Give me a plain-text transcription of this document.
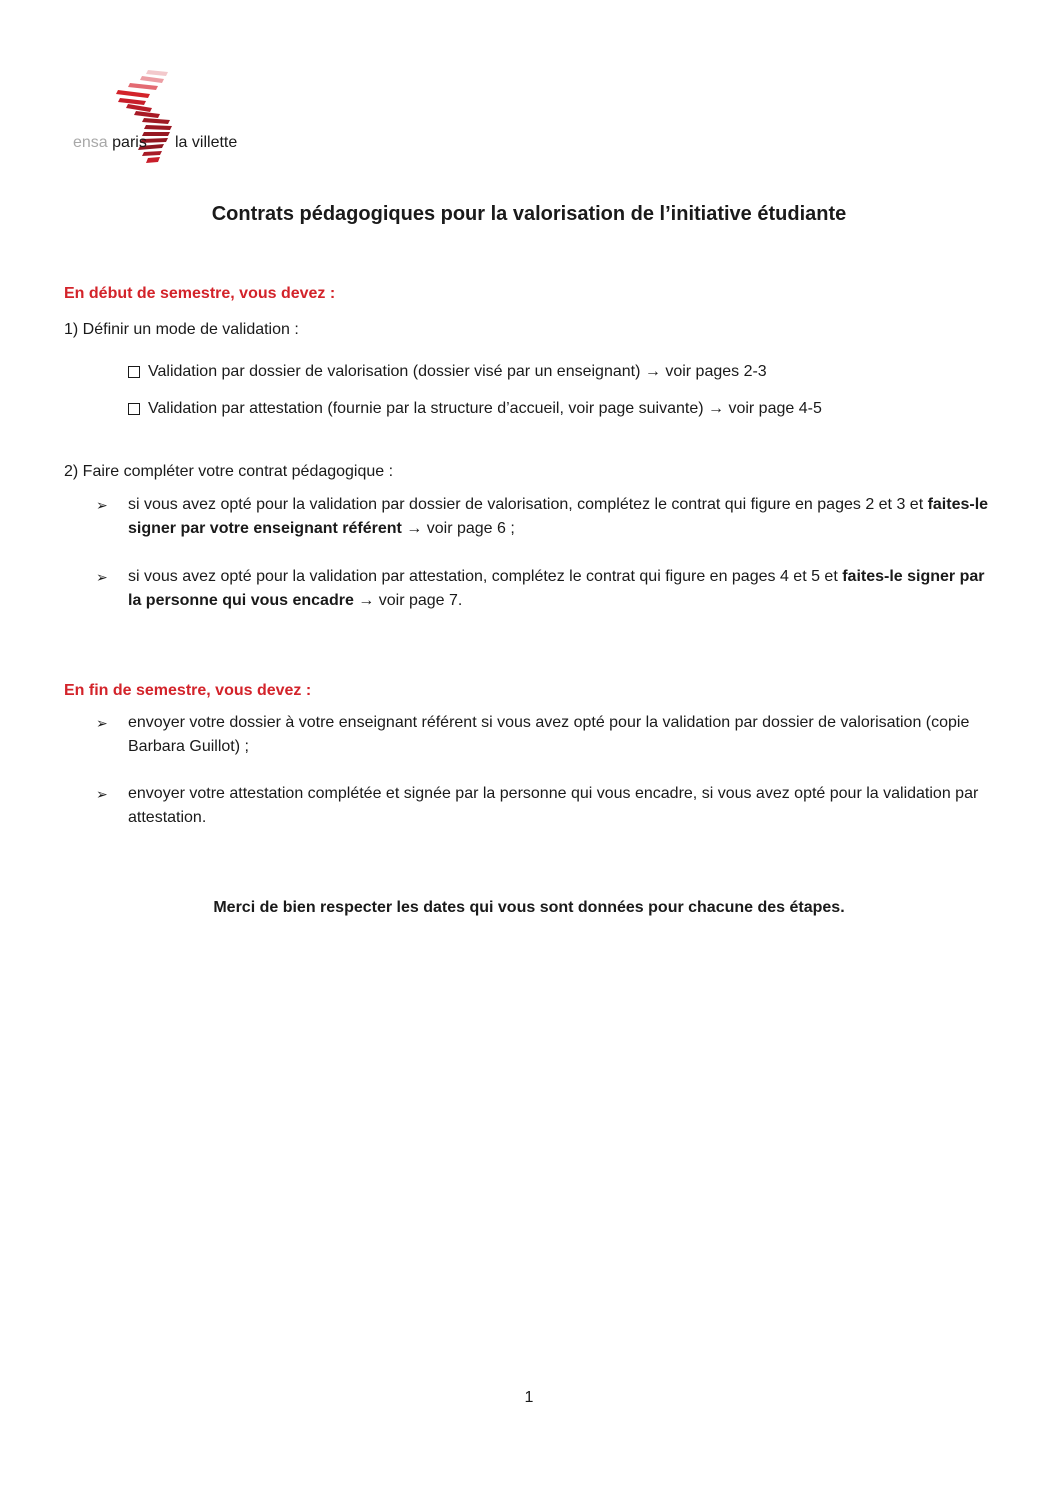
ensa paris la villette
Contrats pédagogiques pour la valorisation de l’initiative étudiante
En début de semestre, vous devez :
1) Définir un mode de validation :
Validation par dossier de valorisation (dossier visé par un enseignant) → voir pages 2-3
Validation par attestation (fournie par la structure d’accueil, voir page suivante) → voir page 4-5
2) Faire compléter votre contrat pédagogique :
➢ si vous avez opté pour la validation par dossier de valorisation, complétez le contrat qui figure en pages 2 et 3 et faites-le signer par votre enseignant référent → voir page 6 ;
➢ si vous avez opté pour la validation par attestation, complétez le contrat qui figure en pages 4 et 5 et faites-le signer par la personne qui vous encadre → voir page 7.
En fin de semestre, vous devez :
➢ envoyer votre dossier à votre enseignant référent si vous avez opté pour la validation par dossier de valorisation (copie Barbara Guillot) ;
➢ envoyer votre attestation complétée et signée par la personne qui vous encadre, si vous avez opté pour la validation par attestation.
Merci de bien respecter les dates qui vous sont données pour chacune des étapes.
1
